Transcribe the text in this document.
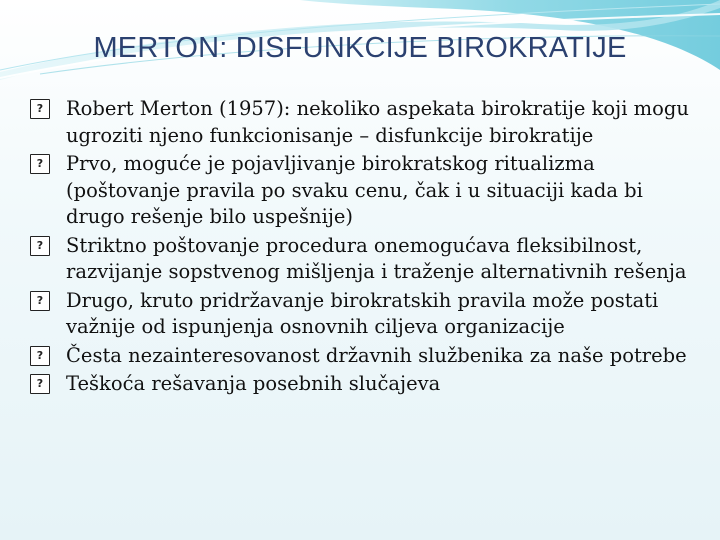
MERTON: DISFUNKCIJE BIROKRATIJE
?	Robert Merton (1957): nekoliko aspekata birokratije koji mogu ugroziti njeno funkcionisanje – disfunkcije birokratije
?	Prvo, moguće je pojavljivanje birokratskog ritualizma (poštovanje pravila po svaku cenu, čak i u situaciji kada bi drugo rešenje bilo uspešnije)
?	Striktno poštovanje procedura onemogućava fleksibilnost, razvijanje sopstvenog mišljenja i traženje alternativnih rešenja
?	Drugo, kruto pridržavanje birokratskih pravila može postati važnije od ispunjenja osnovnih ciljeva organizacije
?	Česta nezainteresovanost državnih službenika za naše potrebe
?	Teškoća rešavanja posebnih slučajeva
